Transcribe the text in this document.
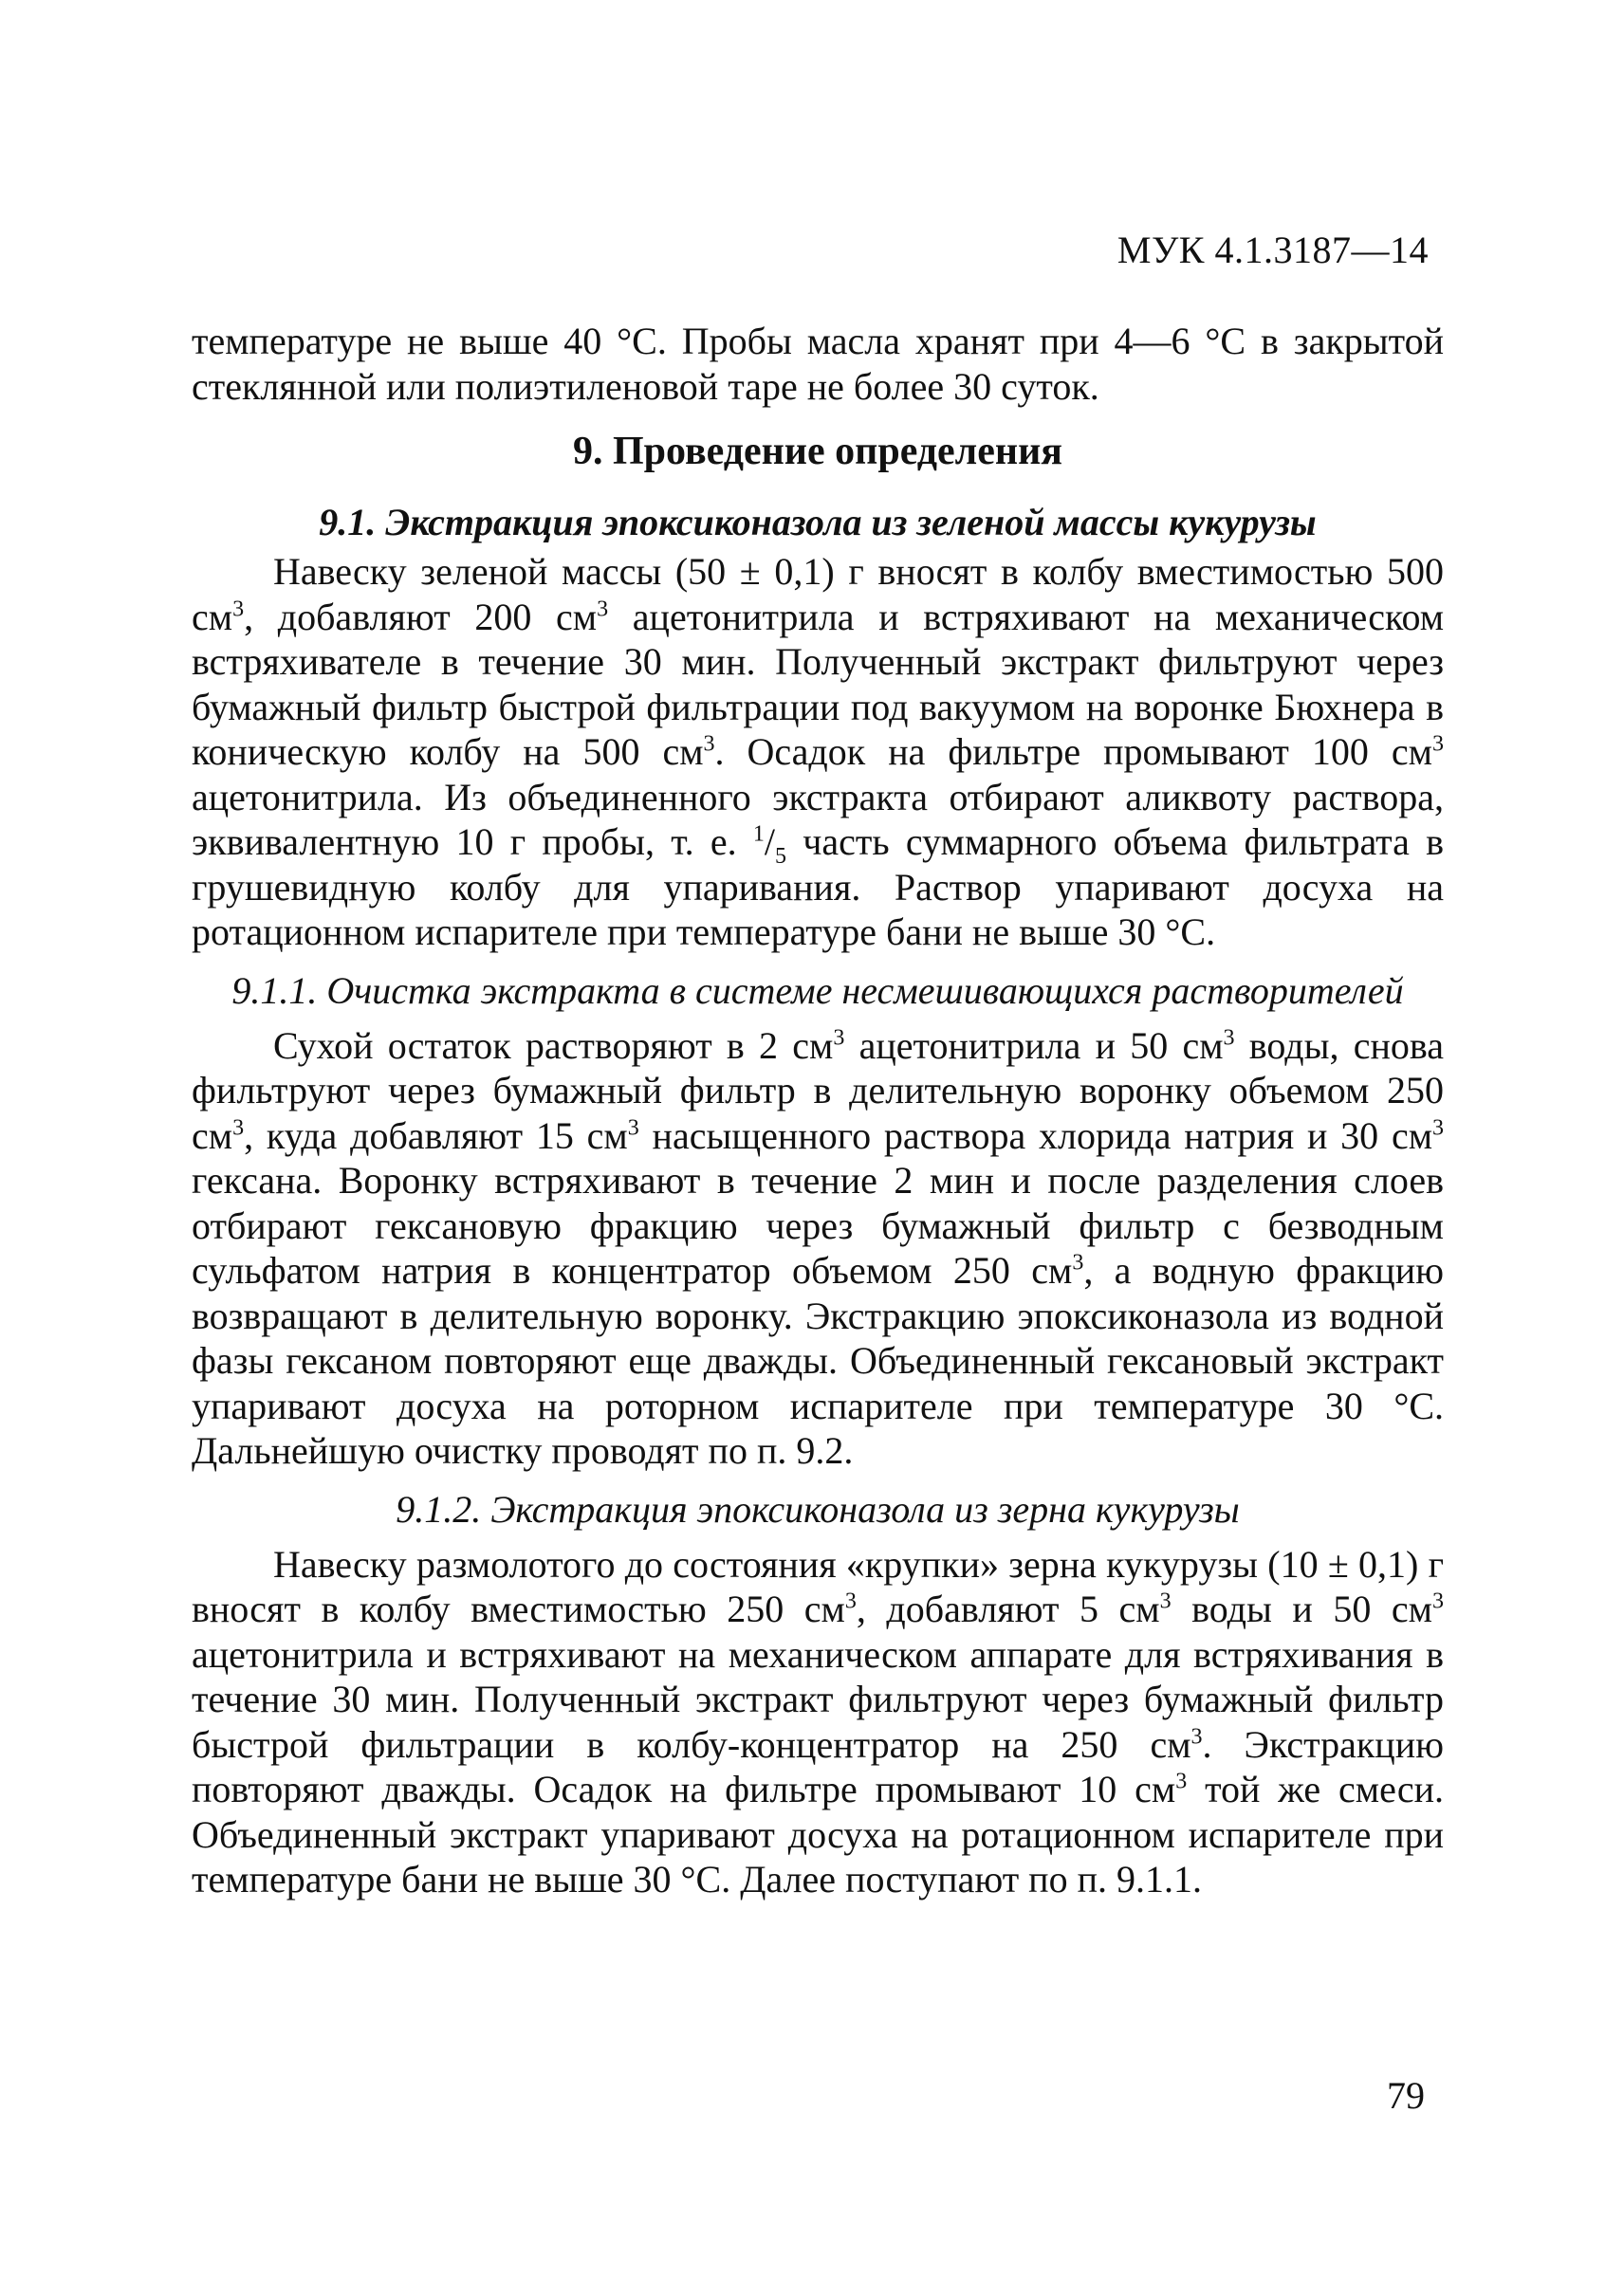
МУК 4.1.3187—14

температуре не выше 40 °С. Пробы масла хранят при 4—6 °С в закрытой стеклянной или полиэтиленовой таре не более 30 суток.

9. Проведение определения
9.1. Экстракция эпоксиконазола из зеленой массы кукурузы

Навеску зеленой массы (50 ± 0,1) г вносят в колбу вместимостью 500 $см^3$, добавляют 200 $см^3$ ацетонитрила и встряхивают на механическом встряхивателе в течение 30 мин. Полученный экстракт фильтруют через бумажный фильтр быстрой фильтрации под вакуумом на воронке Бюхнера в коническую колбу на 500 $см^3$. Осадок на фильтре промывают 100 $см^3$ ацетонитрила. Из объединенного экстракта отбирают аликвоту раствора, эквивалентную 10 г пробы, т. е. $^1/_5$ часть суммарного объема фильтрата в грушевидную колбу для упаривания. Раствор упаривают досуха на ротационном испарителе при температуре бани не выше 30 °С.

9.1.1. Очистка экстракта в системе несмешивающихся растворителей

Сухой остаток растворяют в 2 $см^3$ ацетонитрила и 50 $см^3$ воды, снова фильтруют через бумажный фильтр в делительную воронку объемом 250 $см^3$, куда добавляют 15 $см^3$ насыщенного раствора хлорида натрия и 30 $см^3$ гексана. Воронку встряхивают в течение 2 мин и после разделения слоев отбирают гексановую фракцию через бумажный фильтр с безводным сульфатом натрия в концентратор объемом 250 $см^3$, а водную фракцию возвращают в делительную воронку. Экстракцию эпоксиконазола из водной фазы гексаном повторяют еще дважды. Объединенный гексановый экстракт упаривают досуха на роторном испарителе при температуре 30 °С. Дальнейшую очистку проводят по п. 9.2.

9.1.2. Экстракция эпоксиконазола из зерна кукурузы

Навеску размолотого до состояния «крупки» зерна кукурузы (10 ± 0,1) г вносят в колбу вместимостью 250 $см^3$, добавляют 5 $см^3$ воды и 50 $см^3$ ацетонитрила и встряхивают на механическом аппарате для встряхивания в течение 30 мин. Полученный экстракт фильтруют через бумажный фильтр быстрой фильтрации в колбу-концентратор на 250 $см^3$. Экстракцию повторяют дважды. Осадок на фильтре промывают 10 $см^3$ той же смеси. Объединенный экстракт упаривают досуха на ротационном испарителе при температуре бани не выше 30 °С. Далее поступают по п. 9.1.1.

79
